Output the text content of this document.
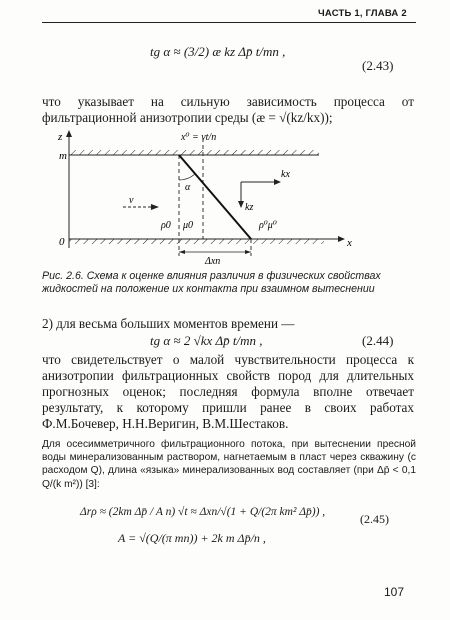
ЧАСТЬ 1, ГЛАВА 2
tg α ≈ (3/2) æ kz Δp̄ t/mn ,
(2.43)
что указывает на сильную зависимость процесса от фильтрационной анизотропии среды (æ = √(kz/kx));
z
m
0	x
x⁰ = vt/n
α
kx
kz
v
ρ0 μ0	ρ⁰μ⁰
Δxп
Рис. 2.6. Схема к оценке влияния различия в физических свойствах жидкостей на положение их контакта при взаимном вытеснении
2) для весьма больших моментов времени —
tg α ≈ 2 √kx Δp̄ t/mn ,	(2.44)
что свидетельствует о малой чувствительности процесса к анизотропии фильтрационных свойств пород для длительных прогнозных оценок; последняя формула вполне отвечает результату, к которому пришли ранее в своих работах Ф.М.Бочевер, Н.Н.Веригин, В.М.Шестаков.
Для осесимметричного фильтрационного потока, при вытеснении пресной воды минерализованным раствором, нагнетаемым в пласт через скважину (с расходом Q), длина «языка» минерализованных вод составляет (при Δp̄ < 0,1 Q/(k m²)) [3]:
Δrρ ≈ (2km Δp̄ / A n) √t ≈ Δxп/√(1 + Q/(2π km² Δp̄)) ,	(2.45)
A = √(Q/(π mn)) + 2k m Δp̄/n ,
107
